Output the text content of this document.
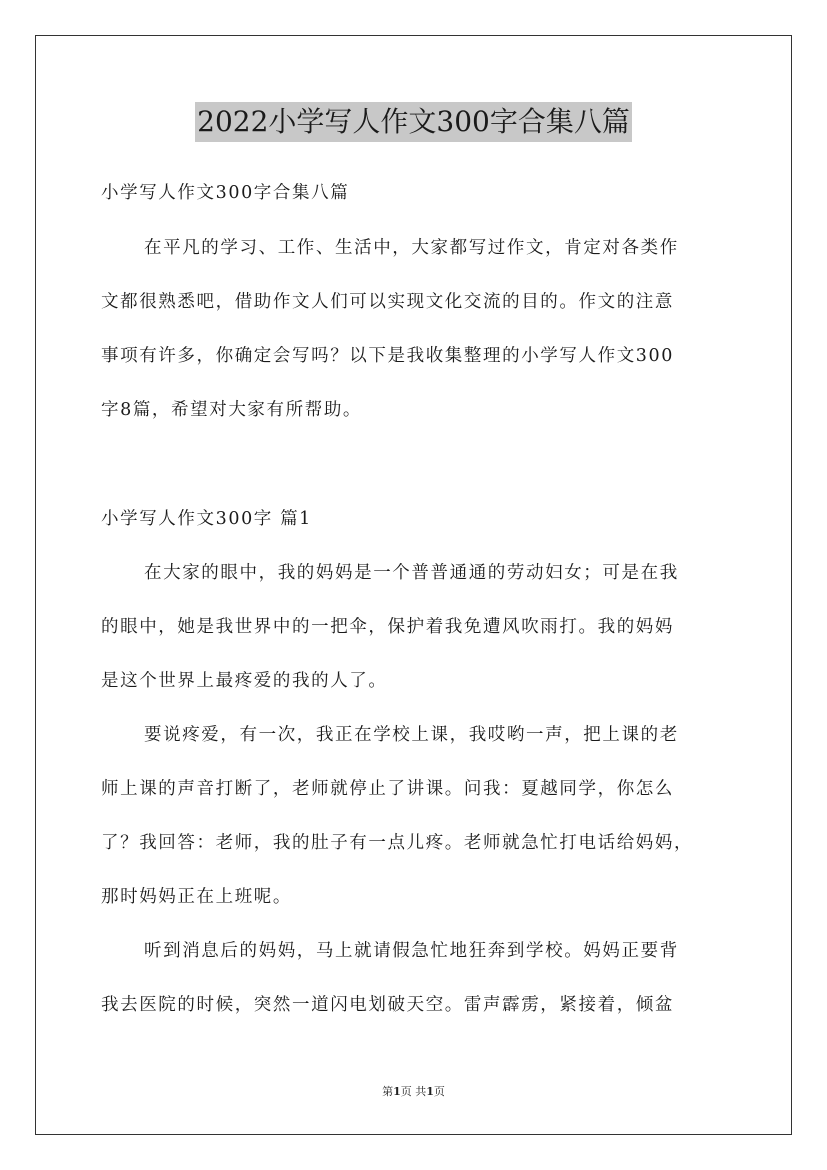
2022小学写人作文300字合集八篇

小学写人作文300字合集八篇

在平凡的学习、工作、生活中，大家都写过作文，肯定对各类作

文都很熟悉吧，借助作文人们可以实现文化交流的目的。作文的注意

事项有许多，你确定会写吗？以下是我收集整理的小学写人作文300

字8篇，希望对大家有所帮助。

小学写人作文300字 篇1

在大家的眼中，我的妈妈是一个普普通通的劳动妇女；可是在我

的眼中，她是我世界中的一把伞，保护着我免遭风吹雨打。我的妈妈

是这个世界上最疼爱的我的人了。

要说疼爱，有一次，我正在学校上课，我哎哟一声，把上课的老

师上课的声音打断了，老师就停止了讲课。问我：夏越同学，你怎么

了？我回答：老师，我的肚子有一点儿疼。老师就急忙打电话给妈妈，

那时妈妈正在上班呢。

听到消息后的妈妈，马上就请假急忙地狂奔到学校。妈妈正要背

我去医院的时候，突然一道闪电划破天空。雷声霹雳，紧接着，倾盆

第1页 共1页
